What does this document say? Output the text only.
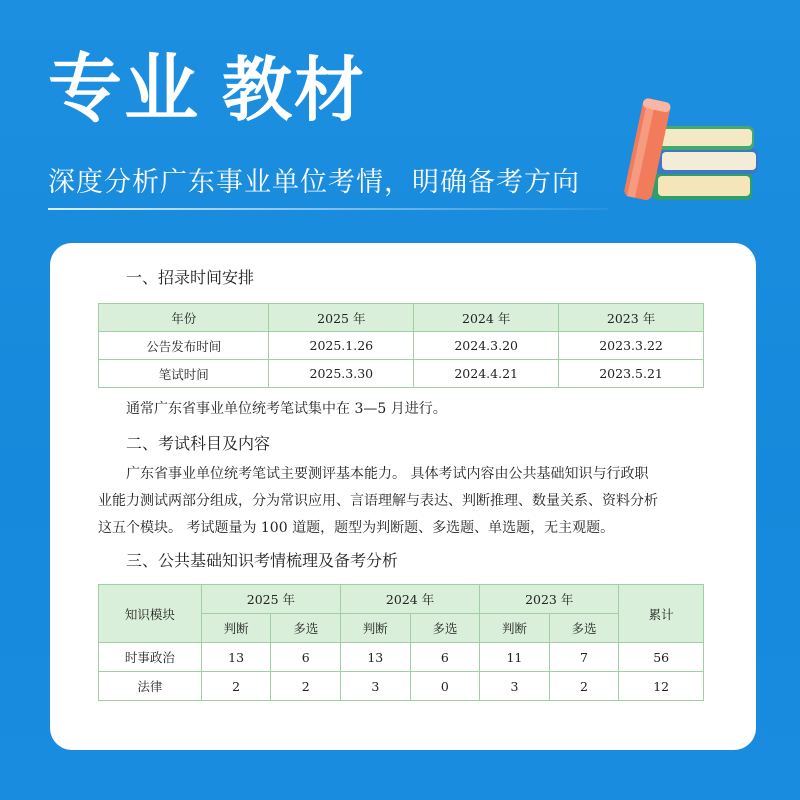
专业 教材
深度分析广东事业单位考情，明确备考方向
一、招录时间安排
年份	2025 年	2024 年	2023 年
公告发布时间	2025.1.26	2024.3.20	2023.3.22
笔试时间	2025.3.30	2024.4.21	2023.5.21
通常广东省事业单位统考笔试集中在 3—5 月进行。
二、考试科目及内容
广东省事业单位统考笔试主要测评基本能力。 具体考试内容由公共基础知识与行政职
业能力测试两部分组成，分为常识应用、言语理解与表达、判断推理、数量关系、资料分析
这五个模块。 考试题量为 100 道题，题型为判断题、多选题、单选题，无主观题。
三、公共基础知识考情梳理及备考分析
知识模块	2025 年		2024 年		2023 年		累计
	判断	多选	判断	多选	判断	多选	
时事政治	13	6	13	6	11	7	56
法律	2	2	3	0	3	2	12
